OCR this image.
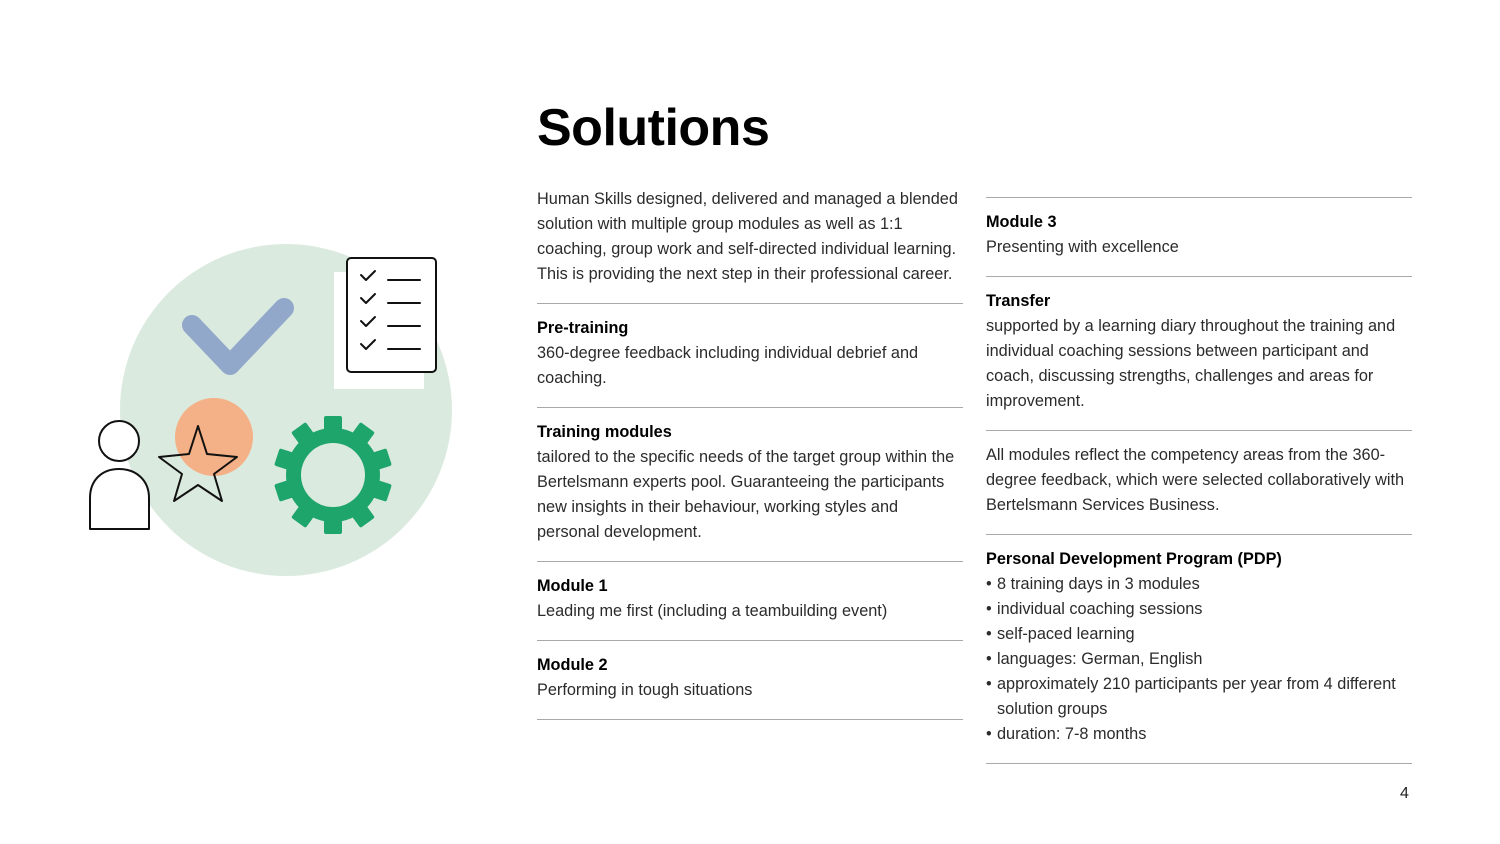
Solutions

Human Skills designed, delivered and managed a blended solution with multiple group modules as well as 1:1 coaching, group work and self-directed individual learning. This is providing the next step in their professional career.

Pre-training

360-degree feedback including individual debrief and coaching.

Training modules

tailored to the specific needs of the target group within the Bertelsmann experts pool. Guaranteeing the participants new insights in their behaviour, working styles and personal development.

Module 1

Leading me first (including a teambuilding event)

Module 2

Performing in tough situations

Module 3

Presenting with excellence

Transfer

supported by a learning diary throughout the training and individual coaching sessions between participant and coach, discussing strengths, challenges and areas for improvement.

All modules reflect the competency areas from the 360-degree feedback, which were selected collaboratively with Bertelsmann Services Business.

Personal Development Program (PDP)
• 8 training days in 3 modules
• individual coaching sessions
• self-paced learning
• languages: German, English
• approximately 210 participants per year from 4 different solution groups
• duration: 7-8 months
4
